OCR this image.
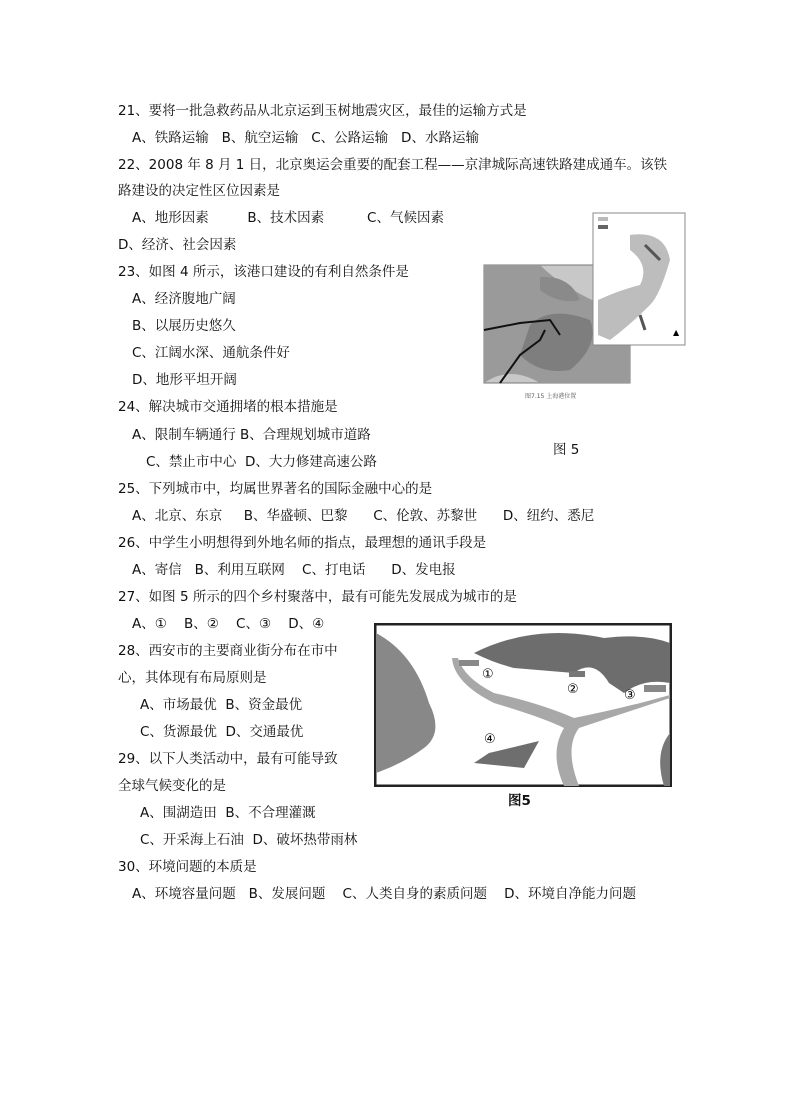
21、要将一批急救药品从北京运到玉树地震灾区，最佳的运输方式是
A、铁路运输   B、航空运输   C、公路运输   D、水路运输
22、2008 年 8 月 1 日，北京奥运会重要的配套工程——京津城际高速铁路建成通车。该铁
路建设的决定性区位因素是
A、地形因素         B、技术因素          C、气候因素
D、经济、社会因素
23、如图 4 所示，该港口建设的有利自然条件是
A、经济腹地广阔
B、以展历史悠久
C、江阔水深、通航条件好
D、地形平坦开阔
24、解决城市交通拥堵的根本措施是
A、限制车辆通行 B、合理规划城市道路
C、禁止市中心  D、大力修建高速公路
25、下列城市中，均属世界著名的国际金融中心的是
A、北京、东京     B、华盛顿、巴黎      C、伦敦、苏黎世      D、纽约、悉尼
26、中学生小明想得到外地名师的指点，最理想的通讯手段是
A、寄信   B、利用互联网    C、打电话      D、发电报
27、如图 5 所示的四个乡村聚落中，最有可能先发展成为城市的是
A、①    B、②    C、③    D、④
28、西安市的主要商业街分布在市中
心，其体现有布局原则是
A、市场最优  B、资金最优
C、货源最优  D、交通最优
29、以下人类活动中，最有可能导致
全球气候变化的是
A、围湖造田  B、不合理灌溉
C、开采海上石油  D、破坏热带雨林
30、环境问题的本质是
A、环境容量问题   B、发展问题    C、人类自身的素质问题    D、环境自净能力问题
▲
图7.15 上海港位置
图 5
①
②	③
④
图5
